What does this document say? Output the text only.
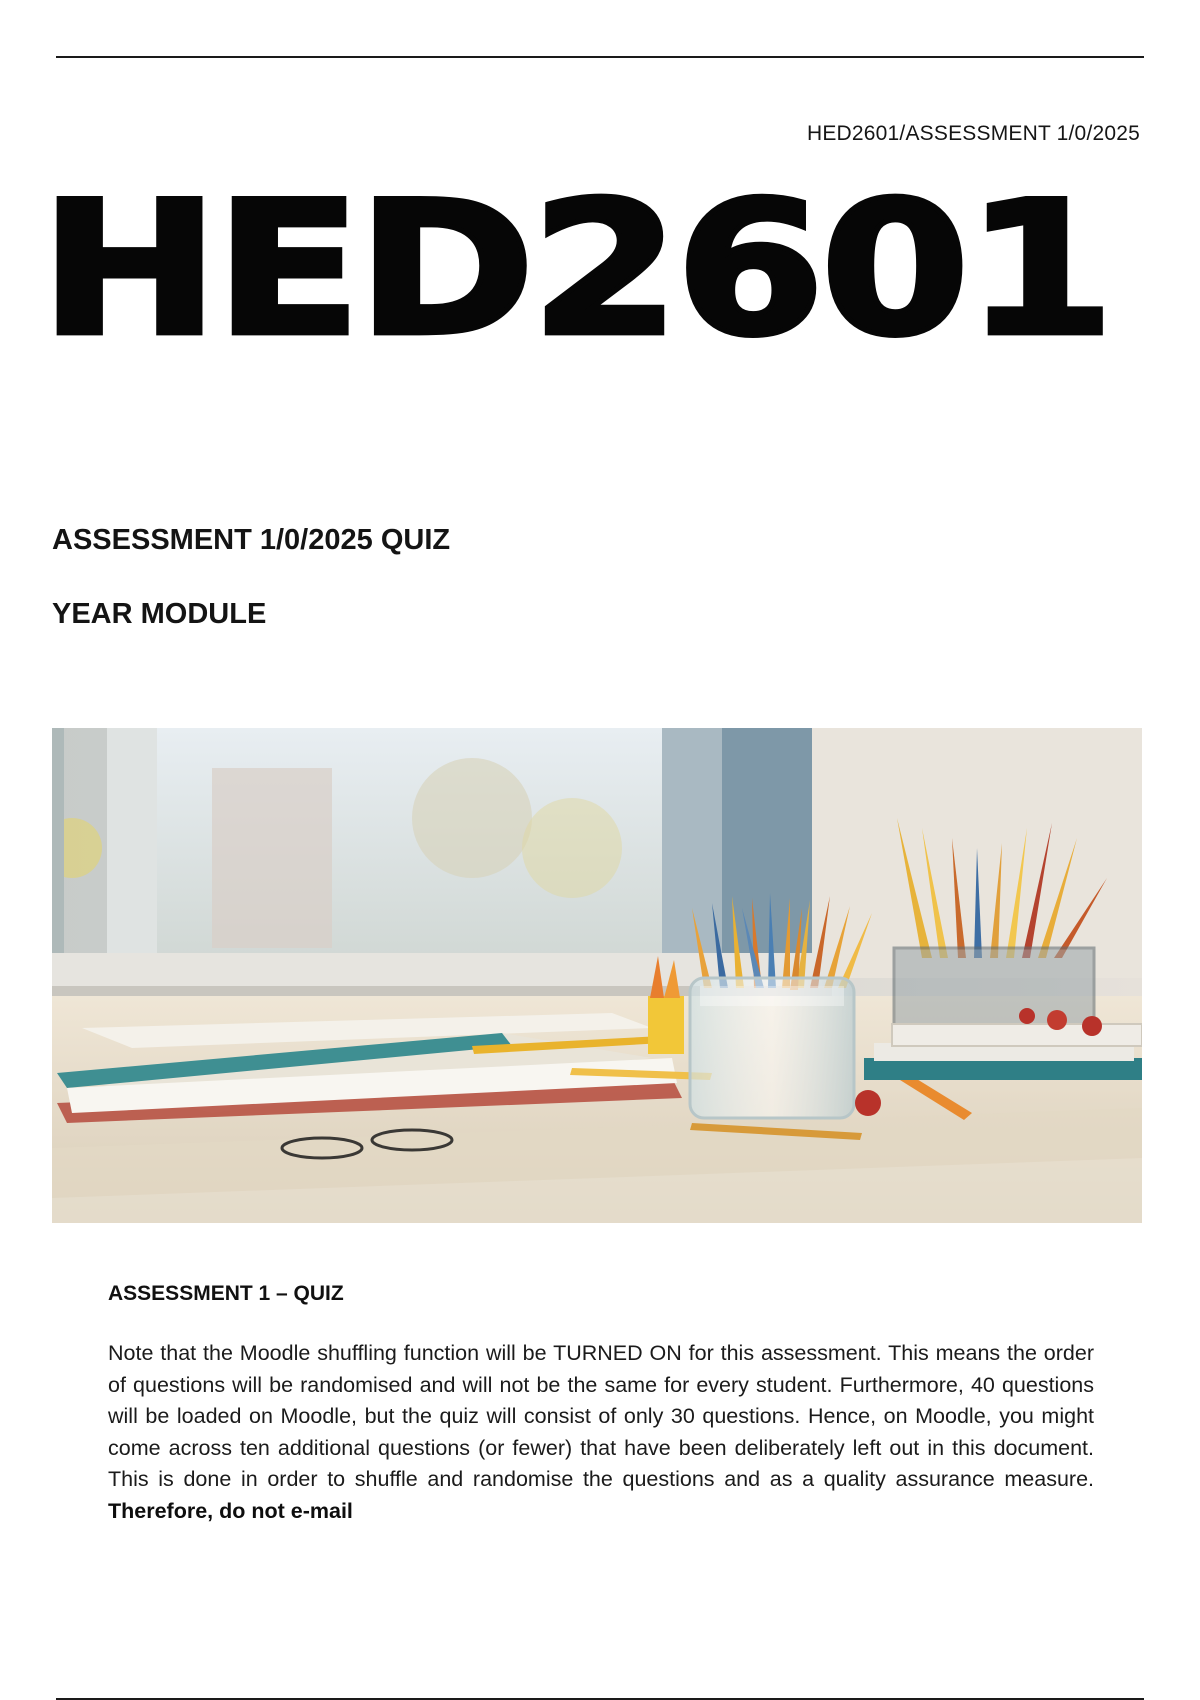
HED2601/ASSESSMENT 1/0/2025
HED2601
ASSESSMENT 1/0/2025 QUIZ
YEAR MODULE
ASSESSMENT 1 – QUIZ

Note that the Moodle shuffling function will be TURNED ON for this assessment. This means the order of questions will be randomised and will not be the same for every student. Furthermore, 40 questions will be loaded on Moodle, but the quiz will consist of only 30 questions. Hence, on Moodle, you might come across ten additional questions (or fewer) that have been deliberately left out in this document. This is done in order to shuffle and randomise the questions and as a quality assurance measure. Therefore, do not e-mail
